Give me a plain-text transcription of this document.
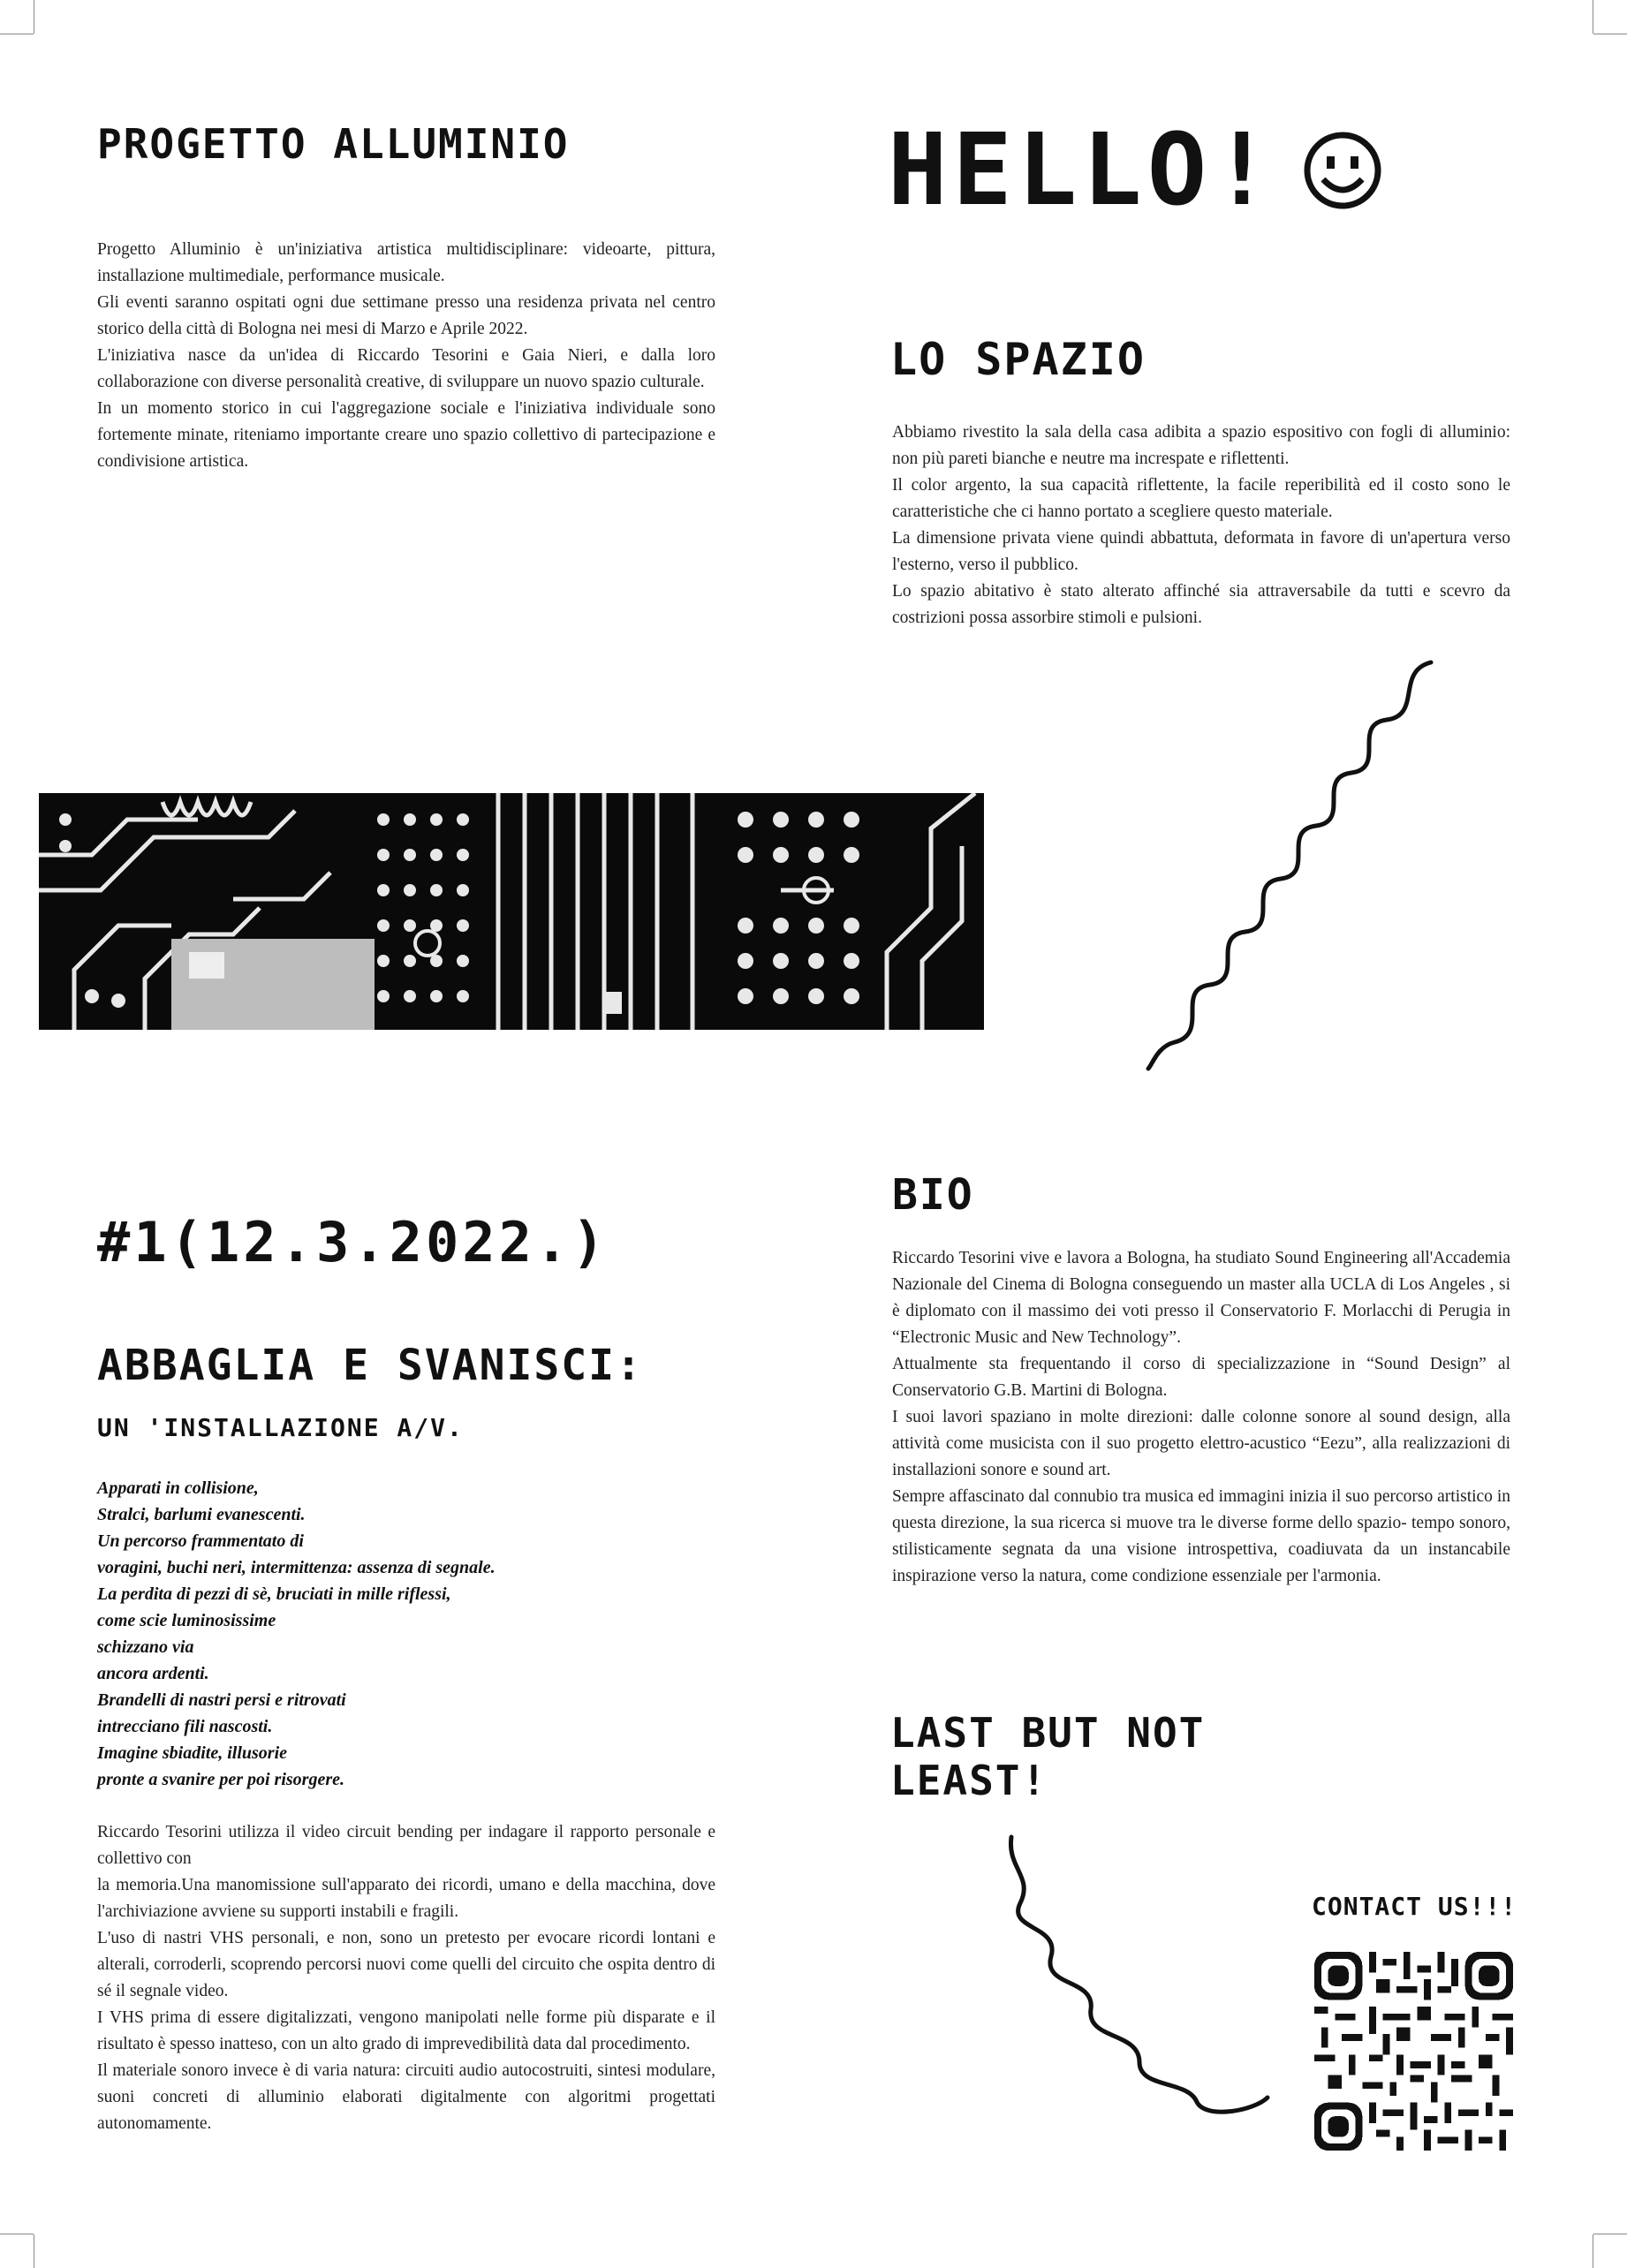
PROGETTO ALLUMINIO	HELLO!

Progetto Alluminio è un'iniziativa artistica multidisciplinare: videoarte, pittura, installazione multimediale, performance musicale.

Gli eventi saranno ospitati ogni due settimane presso una residenza privata nel centro storico della città di Bologna nei mesi di Marzo e Aprile 2022.

L'iniziativa nasce da un'idea di Riccardo Tesorini e Gaia Nieri, e dalla loro collaborazione con diverse personalità creative, di sviluppare un nuovo spazio culturale.

In un momento storico in cui l'aggregazione sociale e l'iniziativa individuale sono fortemente minate, riteniamo importante creare uno spazio collettivo di partecipazione e condivisione artistica.

LO SPAZIO

Abbiamo rivestito la sala della casa adibita a spazio espositivo con fogli di alluminio: non più pareti bianche e neutre ma increspate e riflettenti.

Il color argento, la sua capacità riflettente, la facile reperibilità ed il costo sono le caratteristiche che ci hanno portato a scegliere questo materiale.

La dimensione privata viene quindi abbattuta, deformata in favore di un'apertura verso l'esterno, verso il pubblico.

Lo spazio abitativo è stato alterato affinché sia attraversabile da tutti e scevro da costrizioni possa assorbire stimoli e pulsioni.

#1(12.3.2022.)
ABBAGLIA E SVANISCI:
UN 'INSTALLAZIONE A/V.
Apparati in collisione,
Stralci, barlumi evanescenti.
Un percorso frammentato di
voragini, buchi neri, intermittenza: assenza di segnale.
La perdita di pezzi di sè, bruciati in mille riflessi,
come scie luminosissime
schizzano via
ancora ardenti.
Brandelli di nastri persi e ritrovati
intrecciano fili nascosti.
Imagine sbiadite, illusorie
pronte a svanire per poi risorgere.

Riccardo Tesorini utilizza il video circuit bending per indagare il rapporto personale e collettivo con

la memoria.Una manomissione sull'apparato dei ricordi, umano e della macchina, dove l'archiviazione avviene su supporti instabili e fragili.

L'uso di nastri VHS personali, e non, sono un pretesto per evocare ricordi lontani e alterali, corroderli, scoprendo percorsi nuovi come quelli del circuito che ospita dentro di sé il segnale video.

I VHS prima di essere digitalizzati, vengono manipolati nelle forme più disparate e il risultato è spesso inatteso, con un alto grado di imprevedibilità data dal procedimento.

Il materiale sonoro invece è di varia natura: circuiti audio autocostruiti, sintesi modulare, suoni concreti di alluminio elaborati digitalmente con algoritmi progettati autonomamente.

BIO

Riccardo Tesorini vive e lavora a Bologna, ha studiato Sound Engineering all'Accademia Nazionale del Cinema di Bologna conseguendo un master alla UCLA di Los Angeles , si è diplomato con il massimo dei voti presso il Conservatorio F. Morlacchi di Perugia in “Electronic Music and New Technology”.

Attualmente sta frequentando il corso di specializzazione in “Sound Design” al Conservatorio G.B. Martini di Bologna.

I suoi lavori spaziano in molte direzioni: dalle colonne sonore al sound design, alla attività come musicista con il suo progetto elettro-acustico “Eezu”, alla realizzazioni di installazioni sonore e sound art.

Sempre affascinato dal connubio tra musica ed immagini inizia il suo percorso artistico in questa direzione, la sua ricerca si muove tra le diverse forme dello spazio- tempo sonoro, stilisticamente segnata da una visione introspettiva, coadiuvata da un instancabile inspirazione verso la natura, come condizione essenziale per l'armonia.

LAST BUT NOT
LEAST!
CONTACT US!!!
